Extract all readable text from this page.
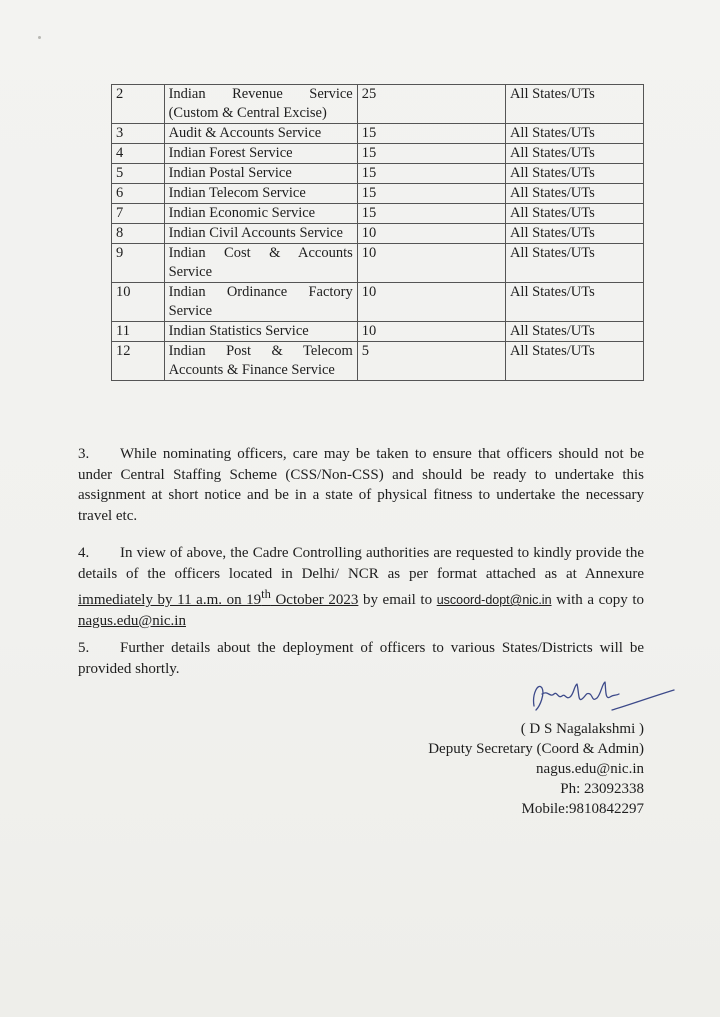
2	Indian Revenue Service (Custom & Central Excise)	25	All States/UTs
3	Audit & Accounts Service	15	All States/UTs
4	Indian Forest Service	15	All States/UTs
5	Indian Postal Service	15	All States/UTs
6	Indian Telecom Service	15	All States/UTs
7	Indian Economic Service	15	All States/UTs
8	Indian Civil Accounts Service	10	All States/UTs
9	Indian Cost & Accounts Service	10	All States/UTs
10	Indian Ordinance Factory Service	10	All States/UTs
11	Indian Statistics Service	10	All States/UTs
12	Indian Post & Telecom Accounts & Finance Service	5	All States/UTs
3. While nominating officers, care may be taken to ensure that officers should not be under Central Staffing Scheme (CSS/Non-CSS) and should be ready to undertake this assignment at short notice and be in a state of physical fitness to undertake the necessary travel etc.
4. In view of above, the Cadre Controlling authorities are requested to kindly provide the details of the officers located in Delhi/ NCR as per format attached as at Annexure immediately by 11 a.m. on 19th October 2023 by email to uscoord-dopt@nic.in with a copy to nagus.edu@nic.in
5. Further details about the deployment of officers to various States/Districts will be provided shortly.
( D S Nagalakshmi )
Deputy Secretary (Coord & Admin)
nagus.edu@nic.in
Ph: 23092338
Mobile:9810842297
